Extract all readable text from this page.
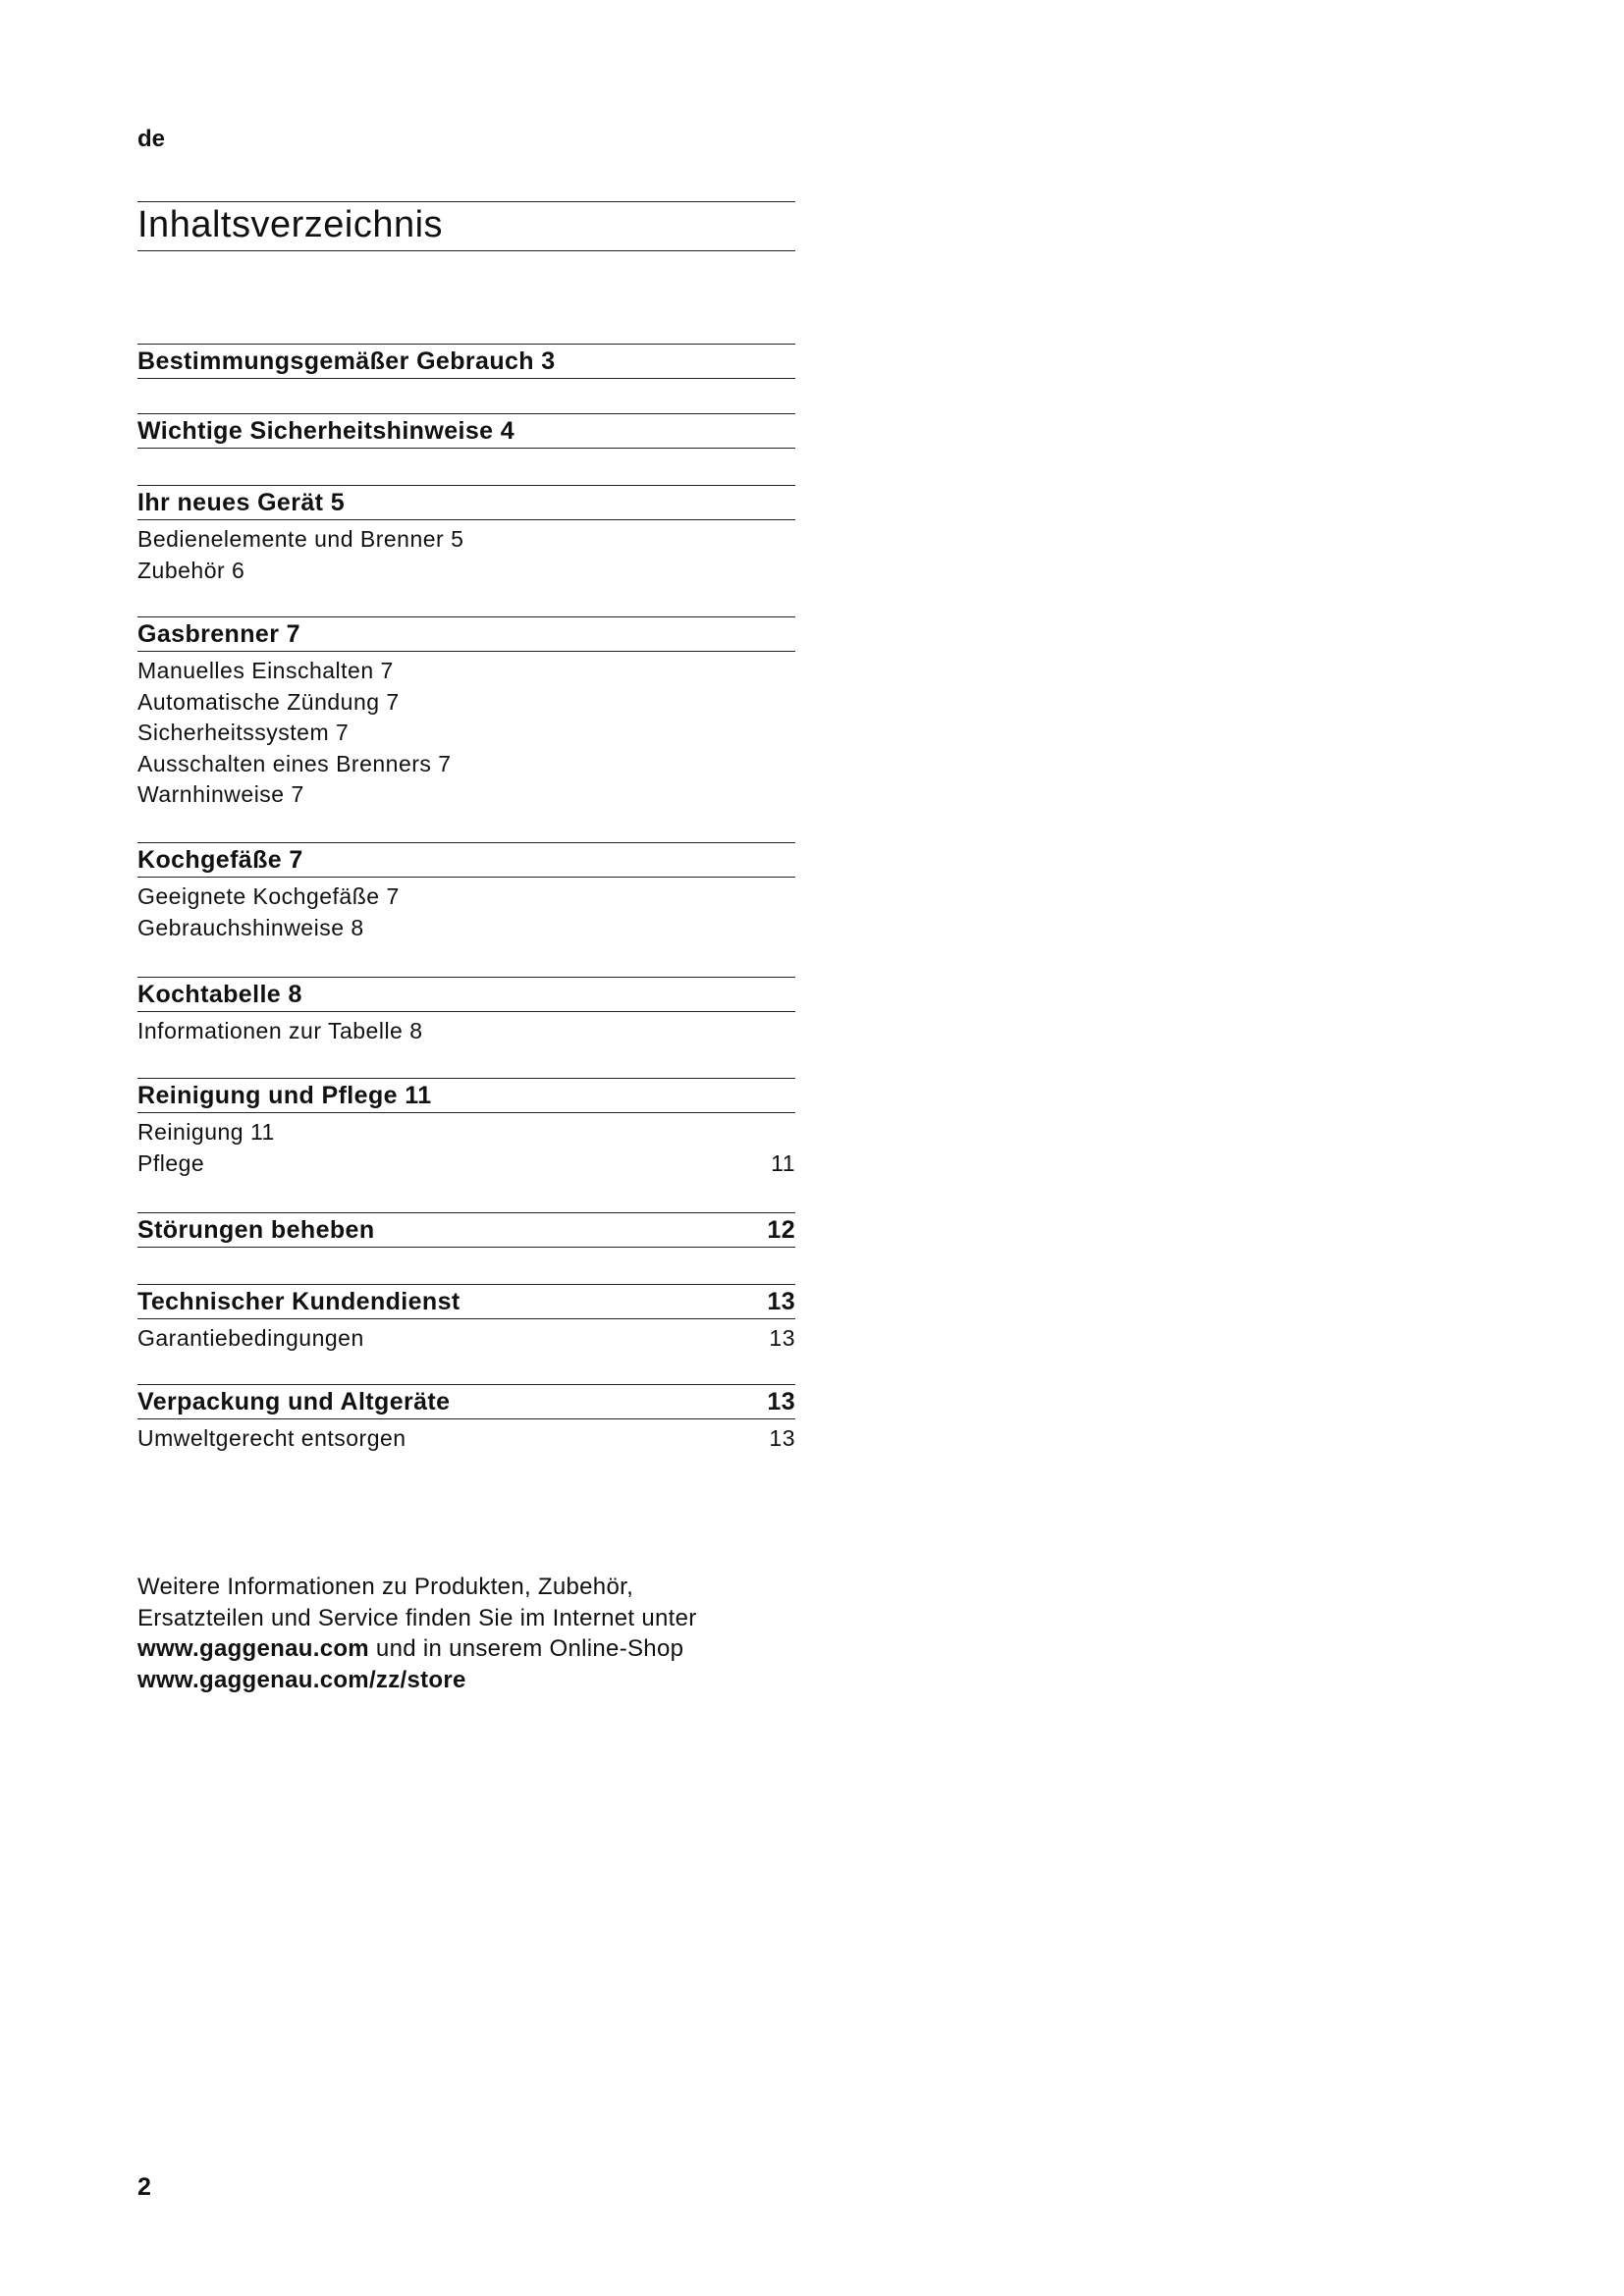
de
Inhaltsverzeichnis
Bestimmungsgemäßer Gebrauch 3
Wichtige Sicherheitshinweise 4
Ihr neues Gerät 5
Bedienelemente und Brenner 5
Zubehör 6
Gasbrenner 7
Manuelles Einschalten 7
Automatische Zündung 7
Sicherheitssystem 7
Ausschalten eines Brenners 7
Warnhinweise 7
Kochgefäße 7
Geeignete Kochgefäße 7
Gebrauchshinweise 8
Kochtabelle 8
Informationen zur Tabelle 8
Reinigung und Pflege 11
Reinigung 11
Pflege	11
Störungen beheben	12
Technischer Kundendienst	13
Garantiebedingungen	13
Verpackung und Altgeräte	13
Umweltgerecht entsorgen	13
Weitere Informationen zu Produkten, Zubehör,
Ersatzteilen und Service finden Sie im Internet unter
www.gaggenau.com und in unserem Online-Shop
www.gaggenau.com/zz/store
2
